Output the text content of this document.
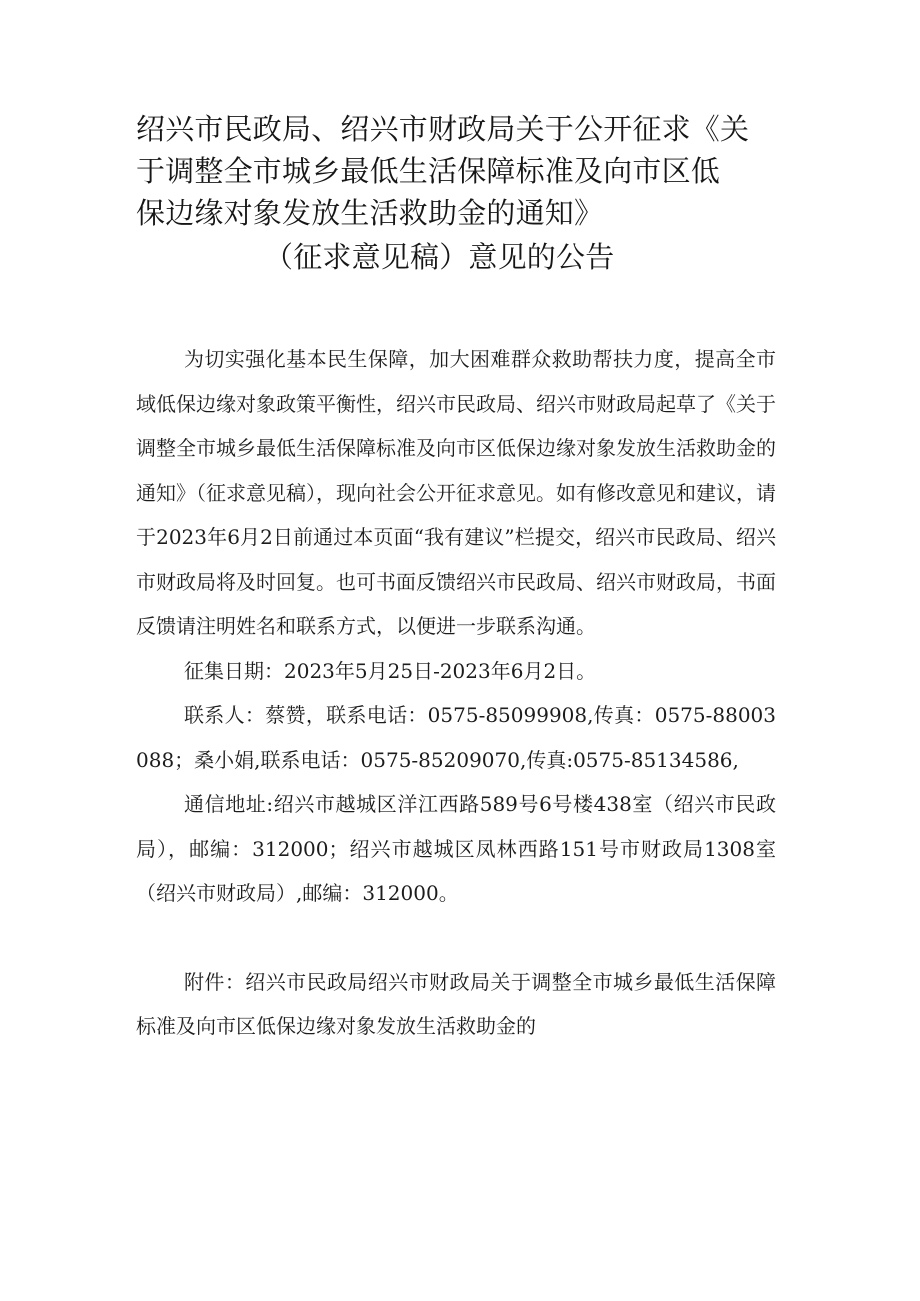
绍兴市民政局、绍兴市财政局关于公开征求《关
于调整全市城乡最低生活保障标准及向市区低
保边缘对象发放生活救助金的通知》
（征求意见稿）意见的公告

为切实强化基本民生保障，加大困难群众救助帮扶力度，提高全市域低保边缘对象政策平衡性，绍兴市民政局、绍兴市财政局起草了《关于调整全市城乡最低生活保障标准及向市区低保边缘对象发放生活救助金的通知》（征求意见稿），现向社会公开征求意见。如有修改意见和建议，请于2023年6月2日前通过本页面“我有建议”栏提交，绍兴市民政局、绍兴市财政局将及时回复。也可书面反馈绍兴市民政局、绍兴市财政局，书面反馈请注明姓名和联系方式，以便进一步联系沟通。

征集日期：2023年5月25日-2023年6月2日。

联系人：蔡赞，联系电话：0575-85099908,传真：0575-88003088；桑小娟,联系电话：0575-85209070,传真:0575-85134586,

通信地址:绍兴市越城区洋江西路589号6号楼438室（绍兴市民政局），邮编：312000；绍兴市越城区凤林西路151号市财政局1308室（绍兴市财政局）,邮编：312000。

附件：绍兴市民政局绍兴市财政局关于调整全市城乡最低生活保障标准及向市区低保边缘对象发放生活救助金的
